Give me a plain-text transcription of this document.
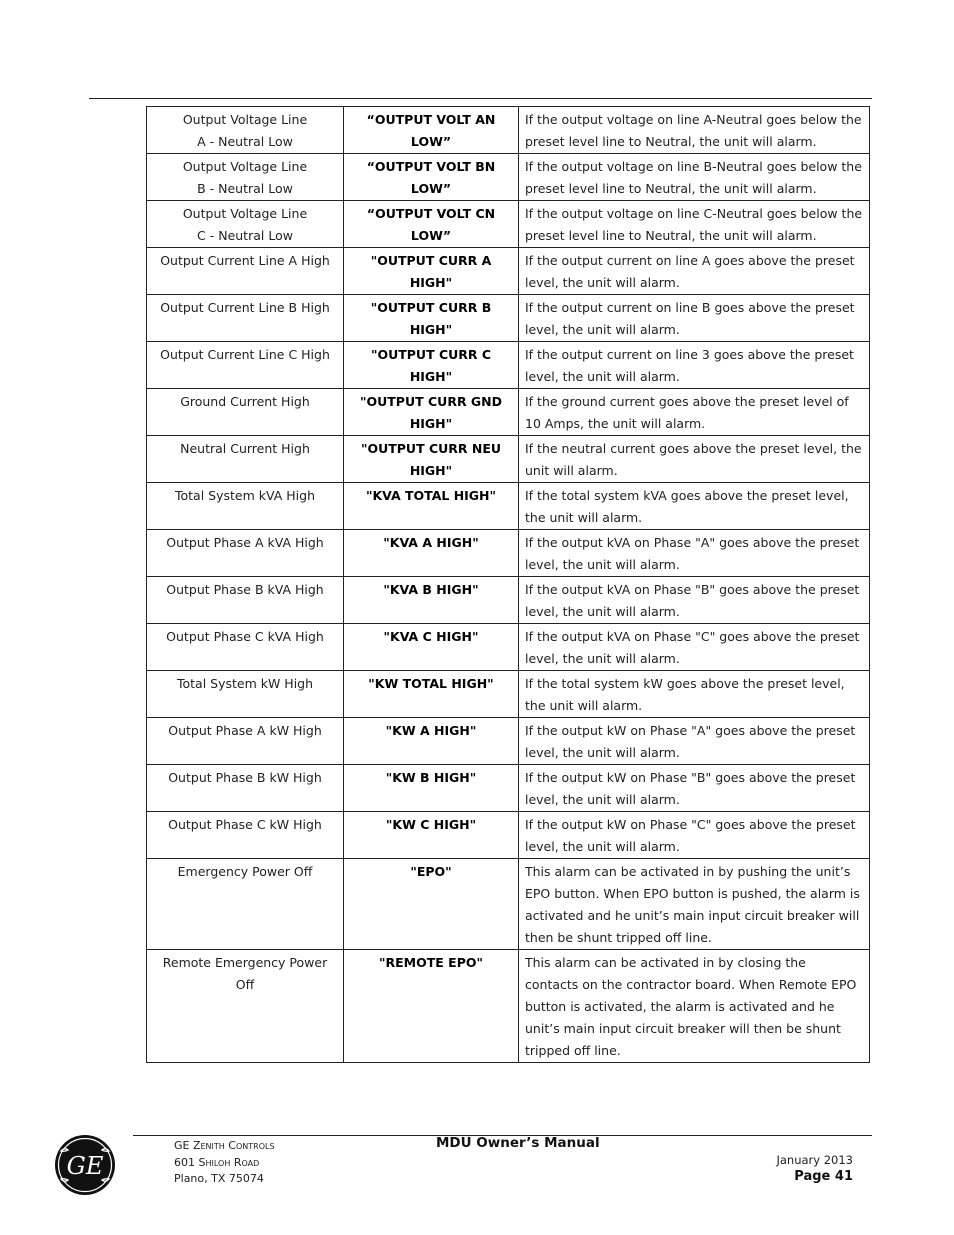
Output Voltage Line
A - Neutral Low	“OUTPUT VOLT AN LOW”	If the output voltage on line A-Neutral goes below the preset level line to Neutral, the unit will alarm.

Output Voltage Line
B - Neutral Low	“OUTPUT VOLT BN LOW”	If the output voltage on line B-Neutral goes below the preset level line to Neutral, the unit will alarm.

Output Voltage Line
C - Neutral Low	“OUTPUT VOLT CN LOW”	If the output voltage on line C-Neutral goes below the preset level line to Neutral, the unit will alarm.

Output Current Line A High	"OUTPUT CURR A HIGH"	If the output current on line A goes above the preset level, the unit will alarm.

Output Current Line B High	"OUTPUT CURR B HIGH"	If the output current on line B goes above the preset level, the unit will alarm.

Output Current Line C High	"OUTPUT CURR C HIGH"	If the output current on line 3 goes above the preset level, the unit will alarm.

Ground Current High	"OUTPUT CURR GND HIGH"	If the ground current goes above the preset level of 10 Amps, the unit will alarm.

Neutral Current High	"OUTPUT CURR NEU HIGH"	If the neutral current goes above the preset level, the unit will alarm.

Total System kVA High	"KVA TOTAL HIGH"	If the total system kVA goes above the preset level, the unit will alarm.

Output Phase A kVA High	"KVA A HIGH"	If the output kVA on Phase "A" goes above the preset level, the unit will alarm.

Output Phase B kVA High	"KVA B HIGH"	If the output kVA on Phase "B" goes above the preset level, the unit will alarm.

Output Phase C kVA High	"KVA C HIGH"	If the output kVA on Phase "C" goes above the preset level, the unit will alarm.

Total System kW High	"KW TOTAL HIGH"	If the total system kW goes above the preset level, the unit will alarm.

Output Phase A kW High	"KW A HIGH"	If the output kW on Phase "A" goes above the preset level, the unit will alarm.

Output Phase B kW High	"KW B HIGH"	If the output kW on Phase "B" goes above the preset level, the unit will alarm.

Output Phase C kW High	"KW C HIGH"	If the output kW on Phase "C" goes above the preset level, the unit will alarm.

Emergency Power Off	"EPO"	This alarm can be activated in by pushing the unit’s EPO button. When EPO button is pushed, the alarm is activated and he unit’s main input circuit breaker will then be shunt tripped off line.

Remote Emergency Power Off	"REMOTE EPO"	This alarm can be activated in by closing the contacts on the contractor board. When Remote EPO button is activated, the alarm is activated and he unit’s main input circuit breaker will then be shunt tripped off line.
GE
GE Zenith Controls
601 Shiloh Road
Plano, TX 75074
MDU Owner’s Manual
January 2013
Page 41
